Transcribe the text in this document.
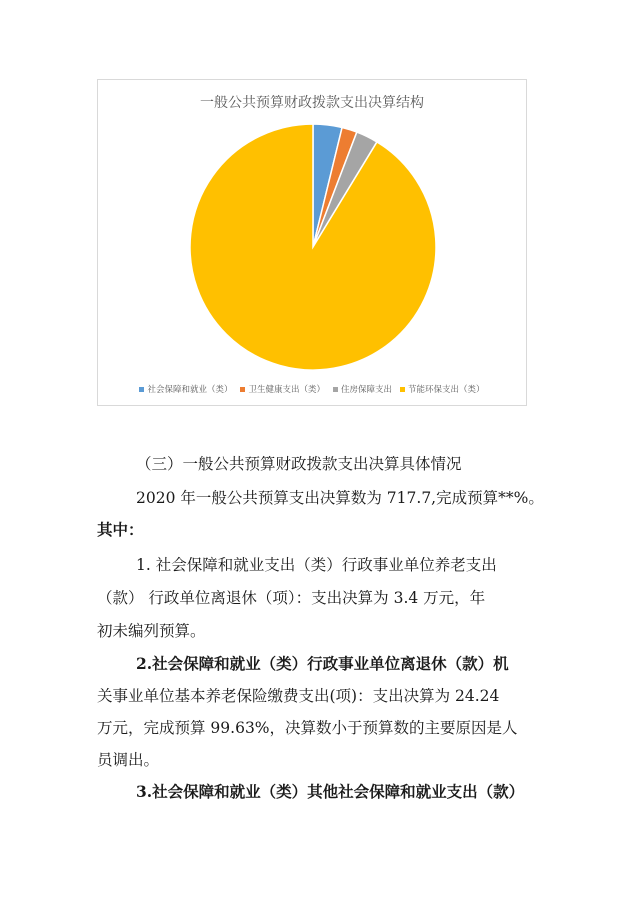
一般公共预算财政拨款支出决算结构
社会保障和就业（类） 卫生健康支出（类） 住房保障支出 节能环保支出（类）
（三）一般公共预算财政拨款支出决算具体情况
2020 年一般公共预算支出决算数为 717.7,完成预算**%。
其中：
1. 社会保障和就业支出（类）行政事业单位养老支出
（款） 行政单位离退休（项）：支出决算为 3.4 万元，年
初未编列预算。
2.社会保障和就业（类）行政事业单位离退休（款）机
关事业单位基本养老保险缴费支出(项)：支出决算为 24.24
万元，完成预算 99.63%，决算数小于预算数的主要原因是人
员调出。
3.社会保障和就业（类）其他社会保障和就业支出（款）
